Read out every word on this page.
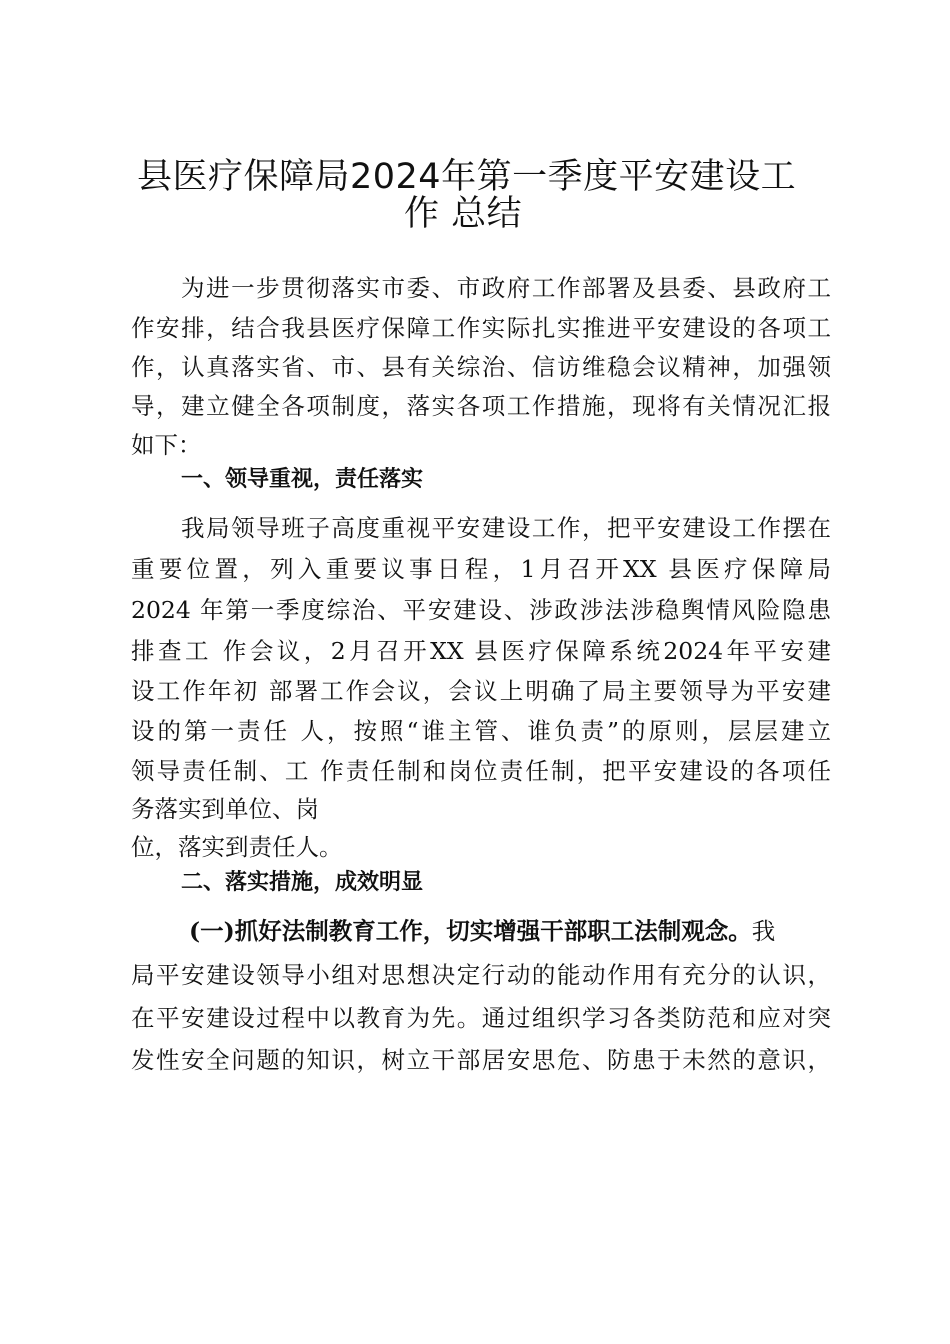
县医疗保障局2024年第一季度平安建设工
作 总结
为进一步贯彻落实市委、市政府工作部署及县委、县政府工
作安排，结合我县医疗保障工作实际扎实推进平安建设的各项工
作，认真落实省、市、县有关综治、信访维稳会议精神，加强领
导，建立健全各项制度，落实各项工作措施，现将有关情况汇报
如下：
一、领导重视，责任落实
我局领导班子高度重视平安建设工作，把平安建设工作摆在
重要位置，列入重要议事日程，1月召开XX 县医疗保障局
2024 年第一季度综治、平安建设、涉政涉法涉稳舆情风险隐患
排查工 作会议，2月召开XX 县医疗保障系统2024年平安建
设工作年初 部署工作会议，会议上明确了局主要领导为平安建
设的第一责任 人，按照“谁主管、谁负责”的原则，层层建立
领导责任制、工 作责任制和岗位责任制，把平安建设的各项任
务落实到单位、岗
位，落实到责任人。
二、落实措施，成效明显
(一)抓好法制教育工作，切实增强干部职工法制观念。我
局平安建设领导小组对思想决定行动的能动作用有充分的认识，
在平安建设过程中以教育为先。通过组织学习各类防范和应对突
发性安全问题的知识，树立干部居安思危、防患于未然的意识，
